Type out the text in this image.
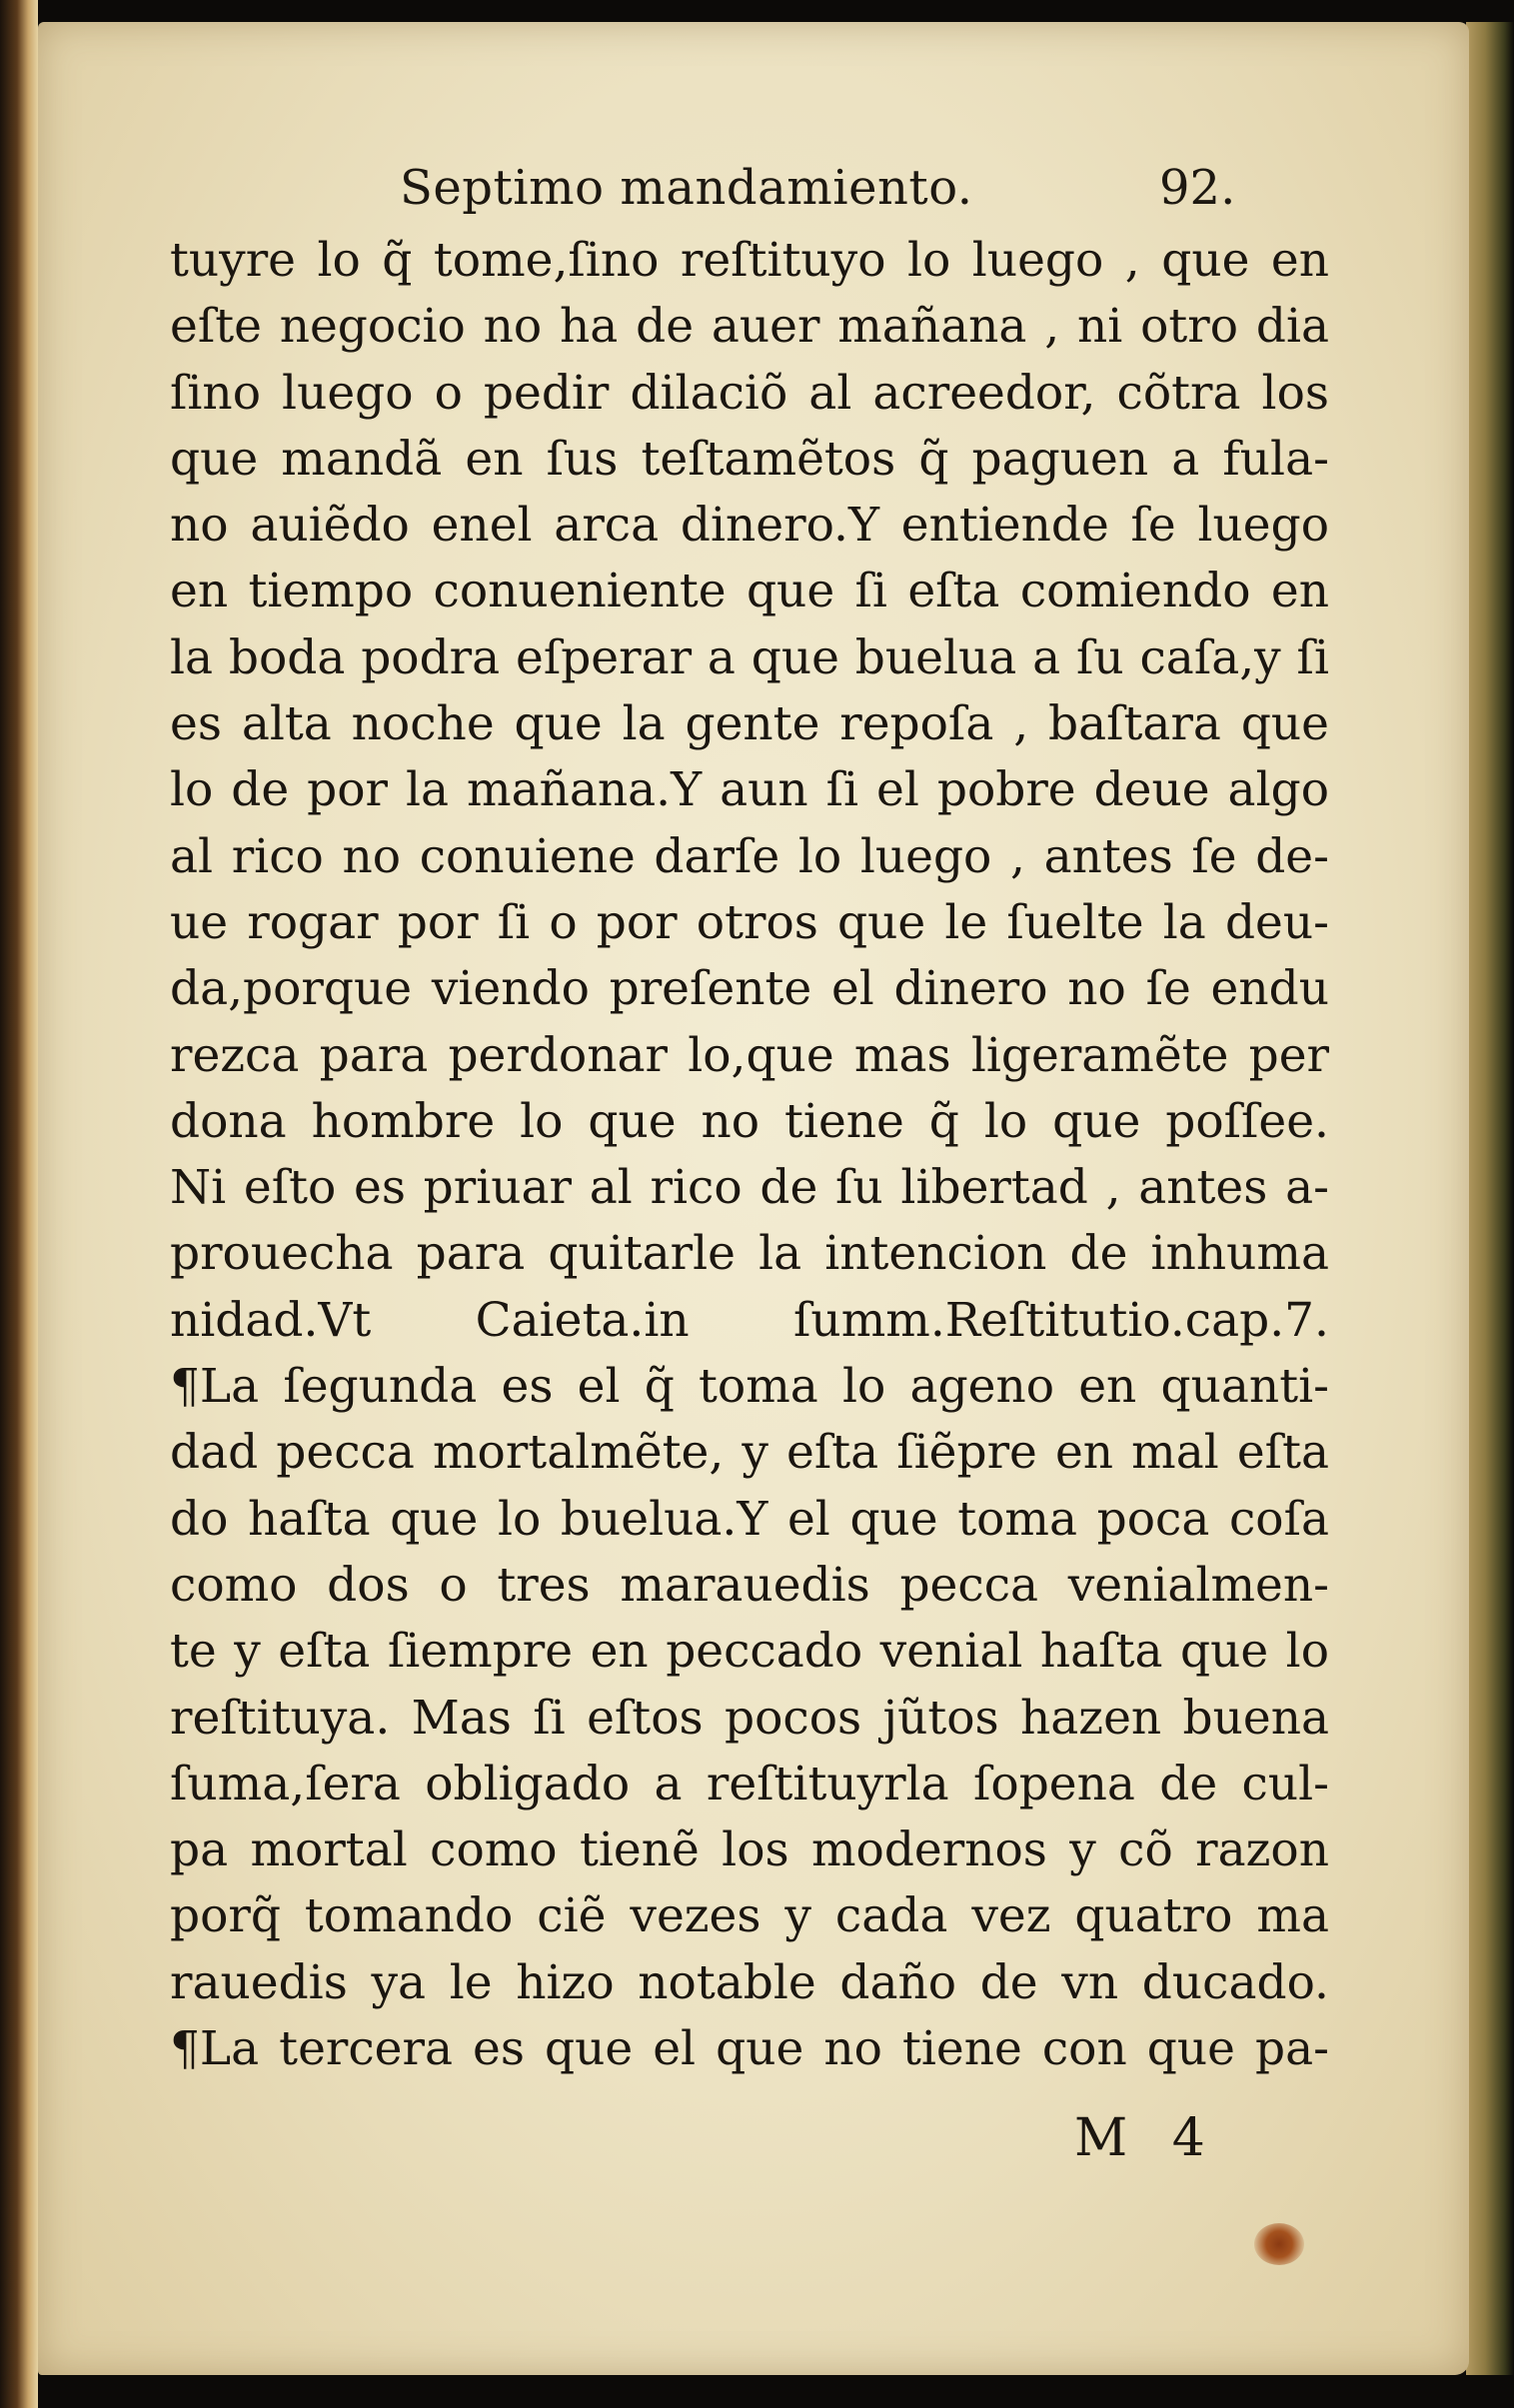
Septimo mandamiento.	92.
tuyre lo q̃ tome,ſino reſtituyo lo luego , que en
eſte negocio no ha de auer mañana , ni otro dia
ſino luego o pedir dilaciõ al acreedor, cõtra los
que mandã en ſus teſtamẽtos q̃ paguen a fula-
no auiẽdo enel arca dinero.Y entiende ſe luego
en tiempo conueniente que ſi eſta comiendo en
la boda podra eſperar a que buelua a ſu caſa,y ſi
es alta noche que la gente repoſa , baſtara que
lo de por la mañana.Y aun ſi el pobre deue algo
al rico no conuiene darſe lo luego , antes ſe de-
ue rogar por ſi o por otros que le ſuelte la deu-
da,porque viendo preſente el dinero no ſe endu
rezca para perdonar lo,que mas ligeramẽte per
dona hombre lo que no tiene q̃ lo que poſſee.
Ni eſto es priuar al rico de ſu libertad , antes a-
prouecha para quitarle la intencion de inhuma
nidad.Vt Caieta.in ſumm.Reſtitutio.cap.7.
¶La ſegunda es el q̃ toma lo ageno en quanti-
dad pecca mortalmẽte, y eſta ſiẽpre en mal eſta
do haſta que lo buelua.Y el que toma poca coſa
como dos o tres marauedis pecca venialmen-
te y eſta ſiempre en peccado venial haſta que lo
reſtituya. Mas ſi eſtos pocos jũtos hazen buena
ſuma,ſera obligado a reſtituyrla ſopena de cul-
pa mortal como tienẽ los modernos y cõ razon
porq̃ tomando ciẽ vezes y cada vez quatro ma
rauedis ya le hizo notable daño de vn ducado.
¶La tercera es que el que no tiene con que pa-
M 4
